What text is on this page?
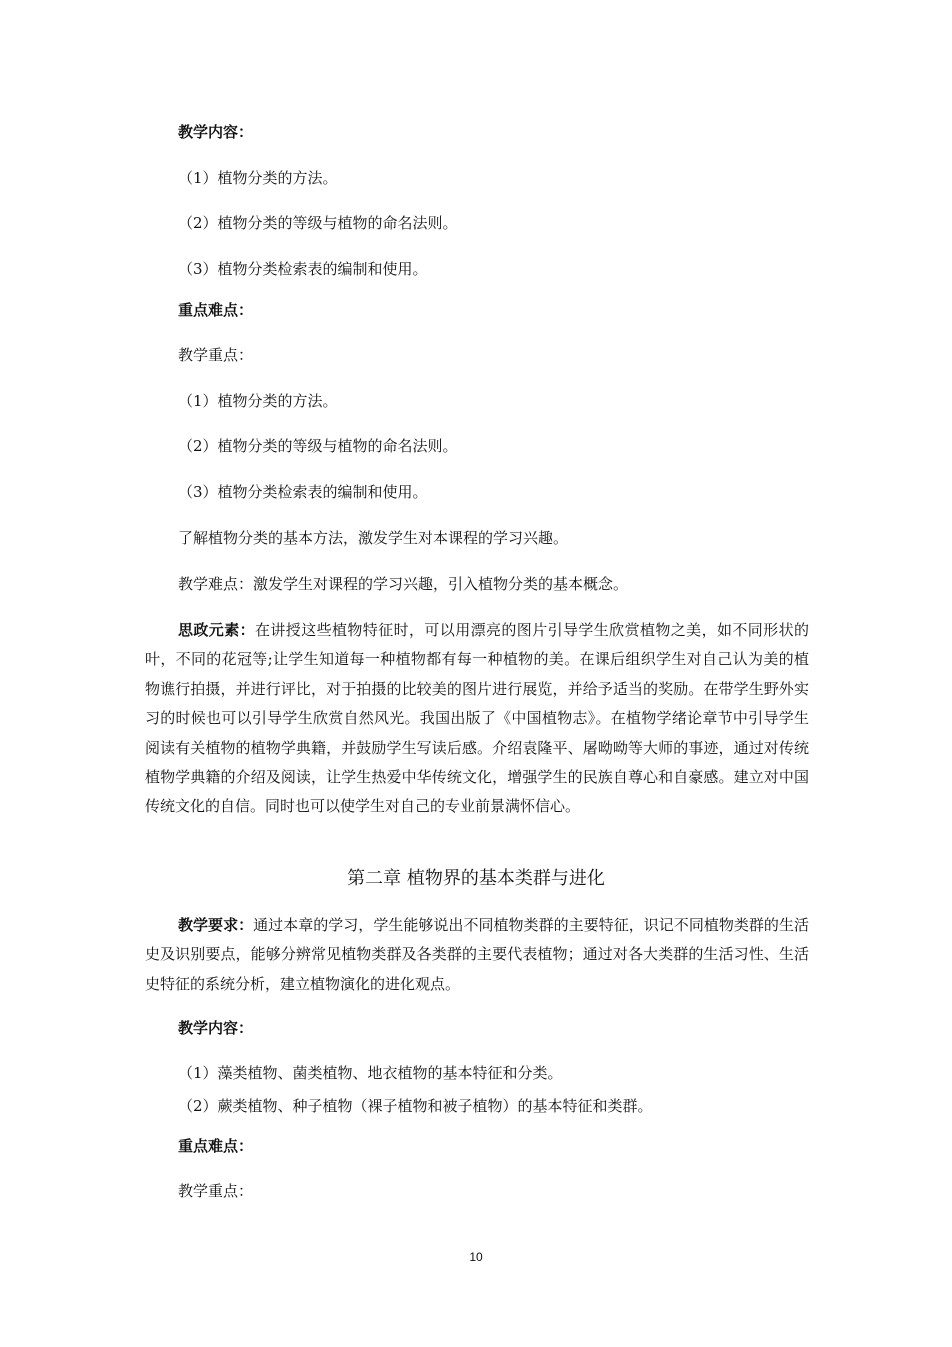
教学内容：
（1）植物分类的方法。
（2）植物分类的等级与植物的命名法则。
（3）植物分类检索表的编制和使用。
重点难点：
教学重点：
（1）植物分类的方法。
（2）植物分类的等级与植物的命名法则。
（3）植物分类检索表的编制和使用。
了解植物分类的基本方法，激发学生对本课程的学习兴趣。
教学难点：激发学生对课程的学习兴趣，引入植物分类的基本概念。
思政元素：在讲授这些植物特征时，可以用漂亮的图片引导学生欣赏植物之美，如不同形状的叶，不同的花冠等;让学生知道每一种植物都有每一种植物的美。在课后组织学生对自己认为美的植物谯行拍摄，并进行评比，对于拍摄的比较美的图片进行展览，并给予适当的奖励。在带学生野外实习的时候也可以引导学生欣赏自然风光。我国出版了《中国植物志》。在植物学绪论章节中引导学生阅读有关植物的植物学典籍，并鼓励学生写读后感。介绍袁隆平、屠呦呦等大师的事迹，通过对传统植物学典籍的介绍及阅读，让学生热爱中华传统文化，增强学生的民族自尊心和自豪感。建立对中国传统文化的自信。同时也可以使学生对自己的专业前景满怀信心。
第二章 植物界的基本类群与进化
教学要求：通过本章的学习，学生能够说出不同植物类群的主要特征，识记不同植物类群的生活史及识别要点，能够分辨常见植物类群及各类群的主要代表植物；通过对各大类群的生活习性、生活史特征的系统分析，建立植物演化的进化观点。
教学内容：
（1）藻类植物、菌类植物、地衣植物的基本特征和分类。
（2）蕨类植物、种子植物（裸子植物和被子植物）的基本特征和类群。
重点难点：
教学重点：
10
